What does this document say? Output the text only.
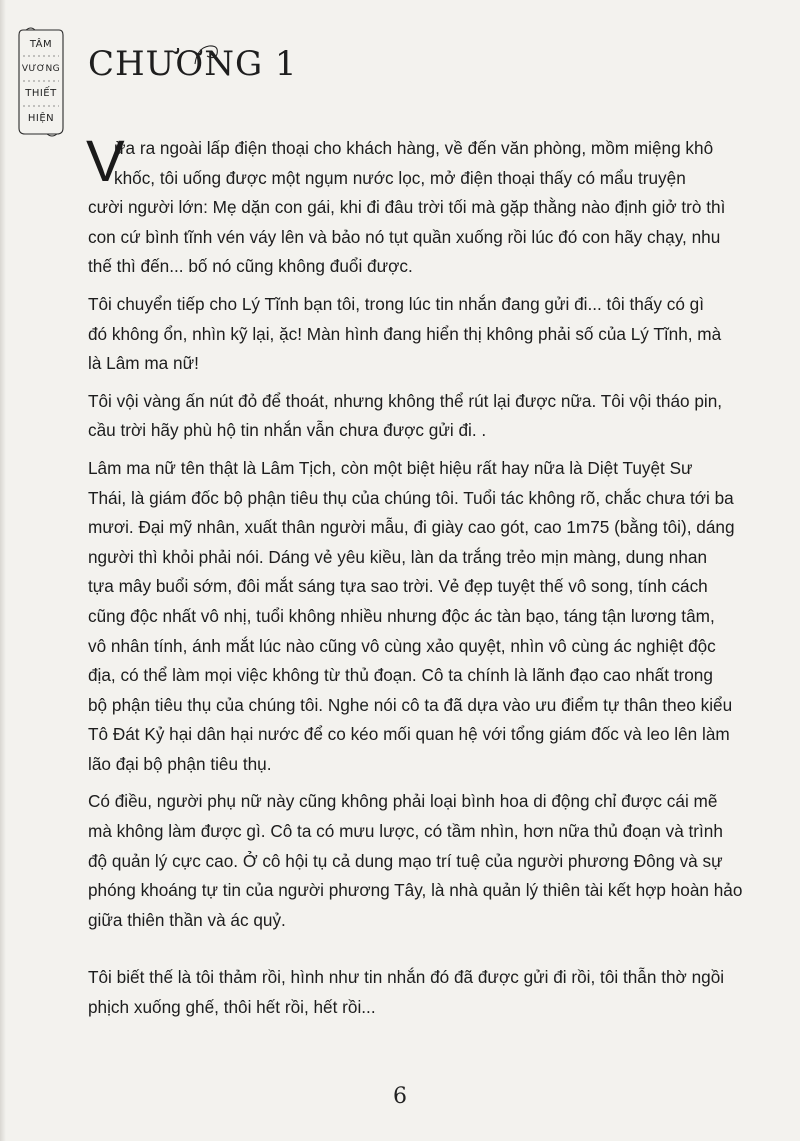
TÂM
VƯƠNG
THIẾT
HIỆN
CHƯƠNG 1
V
ừa ra ngoài lấp điện thoại cho khách hàng, về đến văn phòng, mồm miệng khô
khốc, tôi uống được một ngụm nước lọc, mở điện thoại thấy có mẩu truyện
cười người lớn: Mẹ dặn con gái, khi đi đâu trời tối mà gặp thằng nào định giở trò thì
con cứ bình tĩnh vén váy lên và bảo nó tụt quần xuống rồi lúc đó con hãy chạy, nhu
thế thì đến... bố nó cũng không đuổi được.
Tôi chuyển tiếp cho Lý Tĩnh bạn tôi, trong lúc tin nhắn đang gửi đi... tôi thấy có gì
đó không ổn, nhìn kỹ lại, ặc! Màn hình đang hiển thị không phải số của Lý Tĩnh, mà
là Lâm ma nữ!
Tôi vội vàng ấn nút đỏ để thoát, nhưng không thể rút lại được nữa. Tôi vội tháo pin,
cầu trời hãy phù hộ tin nhắn vẫn chưa được gửi đi. .
Lâm ma nữ tên thật là Lâm Tịch, còn một biệt hiệu rất hay nữa là Diệt Tuyệt Sư
Thái, là giám đốc bộ phận tiêu thụ của chúng tôi. Tuổi tác không rõ, chắc chưa tới ba
mươi. Đại mỹ nhân, xuất thân người mẫu, đi giày cao gót, cao 1m75 (bằng tôi), dáng
người thì khỏi phải nói. Dáng vẻ yêu kiều, làn da trắng trẻo mịn màng, dung nhan
tựa mây buổi sớm, đôi mắt sáng tựa sao trời. Vẻ đẹp tuyệt thế vô song, tính cách
cũng độc nhất vô nhị, tuổi không nhiều nhưng độc ác tàn bạo, táng tận lương tâm,
vô nhân tính, ánh mắt lúc nào cũng vô cùng xảo quyệt, nhìn vô cùng ác nghiệt độc
địa, có thể làm mọi việc không từ thủ đoạn. Cô ta chính là lãnh đạo cao nhất trong
bộ phận tiêu thụ của chúng tôi. Nghe nói cô ta đã dựa vào ưu điểm tự thân theo kiểu
Tô Đát Kỷ hại dân hại nước để co kéo mối quan hệ với tổng giám đốc và leo lên làm
lão đại bộ phận tiêu thụ.
Có điều, người phụ nữ này cũng không phải loại bình hoa di động chỉ được cái mẽ
mà không làm được gì. Cô ta có mưu lược, có tầm nhìn, hơn nữa thủ đoạn và trình
độ quản lý cực cao. Ở cô hội tụ cả dung mạo trí tuệ của người phương Đông và sự
phóng khoáng tự tin của người phương Tây, là nhà quản lý thiên tài kết hợp hoàn hảo
giữa thiên thần và ác quỷ.
Tôi biết thế là tôi thảm rồi, hình như tin nhắn đó đã được gửi đi rồi, tôi thẫn thờ ngồi
phịch xuống ghế, thôi hết rồi, hết rồi...
6
